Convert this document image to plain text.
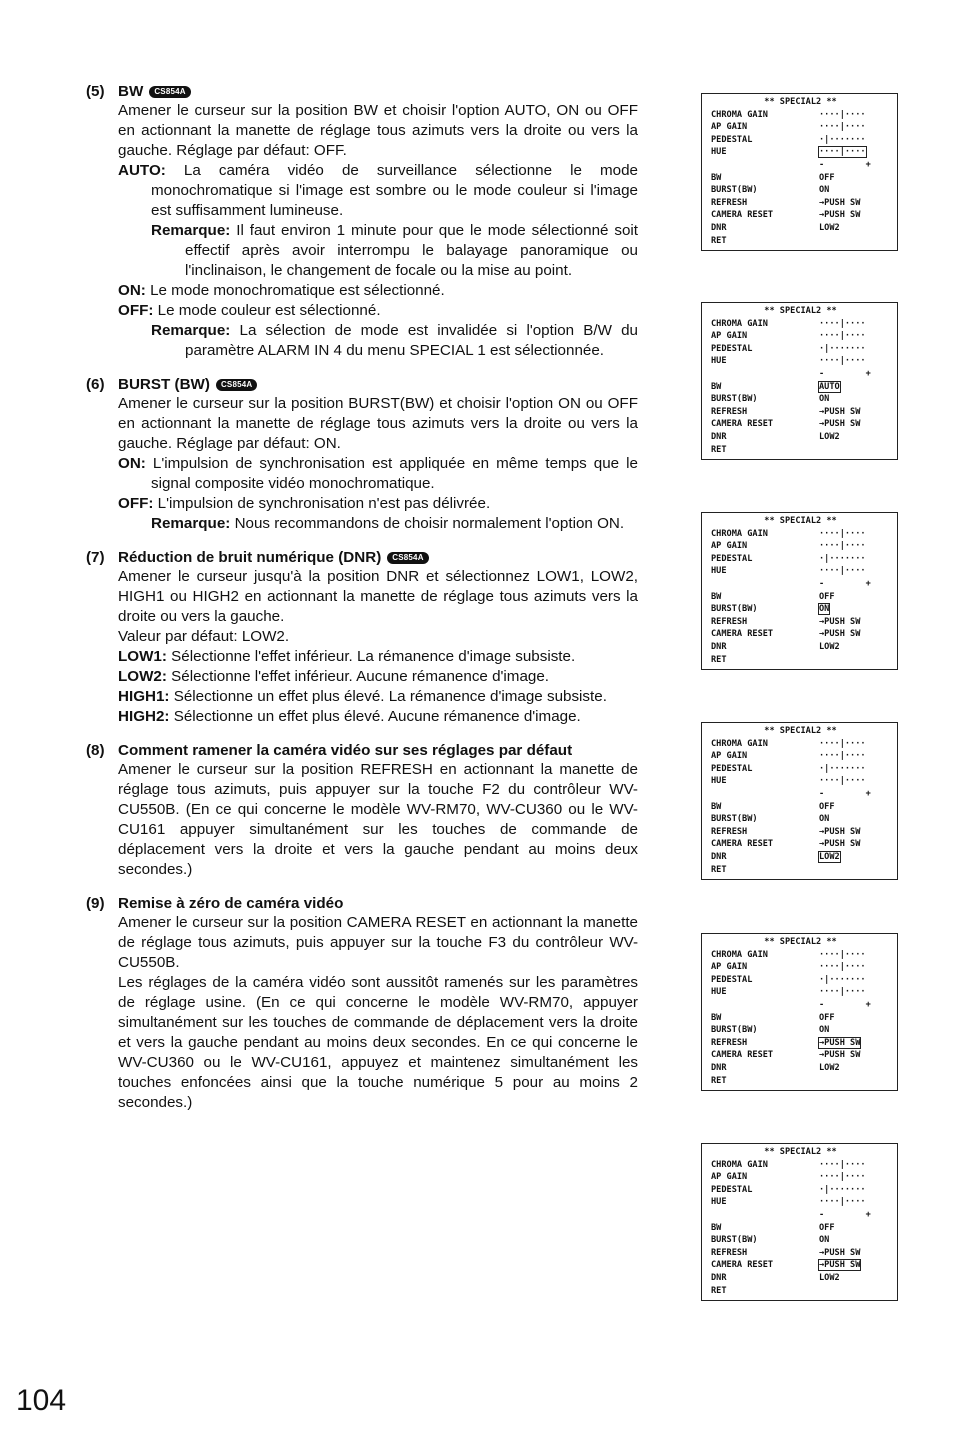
(5) BW CS854A
Amener le curseur sur la position BW et choisir l'option AUTO, ON ou OFF en actionnant la manette de réglage tous azimuts vers la droite ou vers la gauche. Réglage par défaut: OFF.
AUTO: La caméra vidéo de surveillance sélectionne le mode monochromatique si l'image est sombre ou le mode couleur si l'image est suffisamment lumineuse.
Remarque: Il faut environ 1 minute pour que le mode sélectionné soit effectif après avoir interrompu le balayage panoramique ou l'inclinaison, le changement de focale ou la mise au point.
ON: Le mode monochromatique est sélectionné.
OFF: Le mode couleur est sélectionné.
Remarque: La sélection de mode est invalidée si l'option B/W du paramètre ALARM IN 4 du menu SPECIAL 1 est sélectionnée.
(6) BURST (BW) CS854A
Amener le curseur sur la position BURST(BW) et choisir l'option ON ou OFF en actionnant la manette de réglage tous azimuts vers la droite ou vers la gauche. Réglage par défaut: ON.
ON: L'impulsion de synchronisation est appliquée en même temps que le signal composite vidéo monochromatique.
OFF: L'impulsion de synchronisation n'est pas délivrée.
Remarque: Nous recommandons de choisir normalement l'option ON.
(7) Réduction de bruit numérique (DNR) CS854A
Amener le curseur jusqu'à la position DNR et sélectionnez LOW1, LOW2, HIGH1 ou HIGH2 en actionnant la manette de réglage tous azimuts vers la droite ou vers la gauche.
Valeur par défaut: LOW2.
LOW1: Sélectionne l'effet inférieur. La rémanence d'image subsiste.
LOW2: Sélectionne l'effet inférieur. Aucune rémanence d'image.
HIGH1: Sélectionne un effet plus élevé. La rémanence d'image subsiste.
HIGH2: Sélectionne un effet plus élevé. Aucune rémanence d'image.
(8) Comment ramener la caméra vidéo sur ses réglages par défaut
Amener le curseur sur la position REFRESH en actionnant la manette de réglage tous azimuts, puis appuyer sur la touche F2 du contrôleur WV-CU550B. (En ce qui concerne le modèle WV-RM70, WV-CU360 ou le WV-CU161 appuyer simultanément sur les touches de commande de déplacement vers la droite et vers la gauche pendant au moins deux secondes.)
(9) Remise à zéro de caméra vidéo
Amener le curseur sur la position CAMERA RESET en actionnant la manette de réglage tous azimuts, puis appuyer sur la touche F3 du contrôleur WV-CU550B.
Les réglages de la caméra vidéo sont aussitôt ramenés sur les paramètres de réglage usine. (En ce qui concerne le modèle WV-RM70, appuyer simultanément sur les touches de commande de déplacement vers la droite et vers la gauche pendant au moins deux secondes. En ce qui concerne le WV-CU360 ou le WV-CU161, appuyez et maintenez simultanément les touches enfoncées ainsi que la touche numérique 5 pour au moins 2 secondes.)
** SPECIAL2 **
CHROMA GAIN	····|····
AP GAIN	····|····
PEDESTAL	·|·······
HUE	····|····
-        +
BW	OFF
BURST(BW)	ON
REFRESH	→PUSH SW
CAMERA RESET	→PUSH SW
DNR	LOW2
RET
** SPECIAL2 **
CHROMA GAIN	····|····
AP GAIN	····|····
PEDESTAL	·|·······
HUE	····|····
-        +
BW	AUTO
BURST(BW)	ON
REFRESH	→PUSH SW
CAMERA RESET	→PUSH SW
DNR	LOW2
RET
** SPECIAL2 **
CHROMA GAIN	····|····
AP GAIN	····|····
PEDESTAL	·|·······
HUE	····|····
-        +
BW	OFF
BURST(BW)	ON
REFRESH	→PUSH SW
CAMERA RESET	→PUSH SW
DNR	LOW2
RET
** SPECIAL2 **
CHROMA GAIN	····|····
AP GAIN	····|····
PEDESTAL	·|·······
HUE	····|····
-        +
BW	OFF
BURST(BW)	ON
REFRESH	→PUSH SW
CAMERA RESET	→PUSH SW
DNR	LOW2
RET
** SPECIAL2 **
CHROMA GAIN	····|····
AP GAIN	····|····
PEDESTAL	·|·······
HUE	····|····
-        +
BW	OFF
BURST(BW)	ON
REFRESH	→PUSH SW
CAMERA RESET	→PUSH SW
DNR	LOW2
RET
** SPECIAL2 **
CHROMA GAIN	····|····
AP GAIN	····|····
PEDESTAL	·|·······
HUE	····|····
-        +
BW	OFF
BURST(BW)	ON
REFRESH	→PUSH SW
CAMERA RESET	→PUSH SW
DNR	LOW2
RET
104
